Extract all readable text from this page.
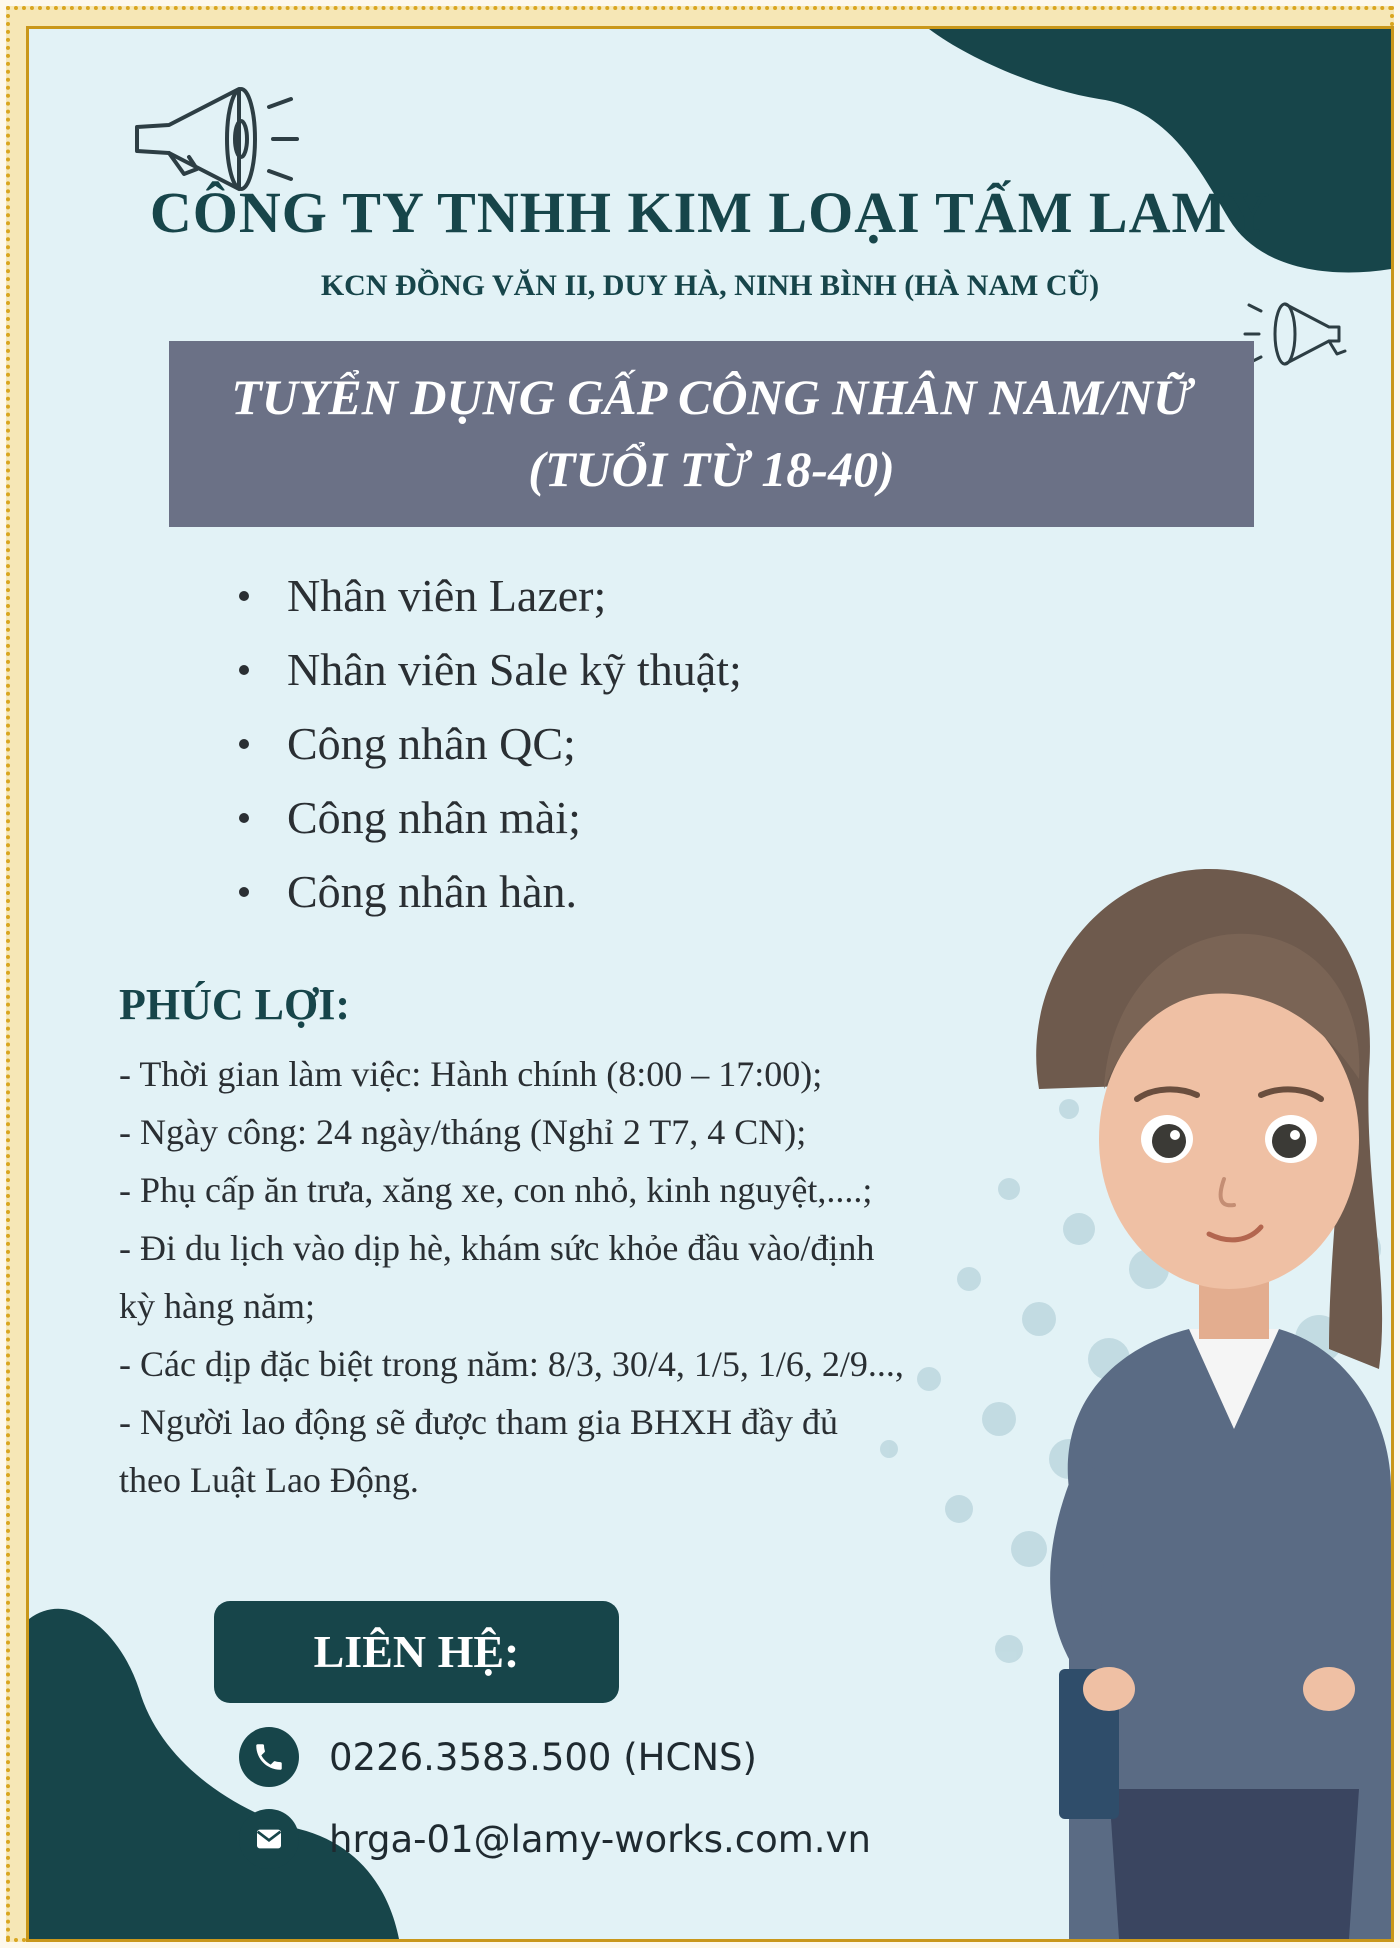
CÔNG TY TNHH KIM LOẠI TẤM LAMY
KCN ĐỒNG VĂN II, DUY HÀ, NINH BÌNH (HÀ NAM CŨ)
TUYỂN DỤNG GẤP CÔNG NHÂN NAM/NỮ
(TUỔI TỪ 18-40)
Nhân viên Lazer;
Nhân viên Sale kỹ thuật;
Công nhân QC;
Công nhân mài;
Công nhân hàn.
PHÚC LỢI:
- Thời gian làm việc: Hành chính (8:00 – 17:00);
- Ngày công: 24 ngày/tháng (Nghỉ 2 T7, 4 CN);
- Phụ cấp ăn trưa, xăng xe, con nhỏ, kinh nguyệt,....;
- Đi du lịch vào dịp hè, khám sức khỏe đầu vào/định
kỳ hàng năm;
- Các dịp đặc biệt trong năm: 8/3, 30/4, 1/5, 1/6, 2/9...,
- Người lao động sẽ được tham gia BHXH đầy đủ
theo Luật Lao Động.
LIÊN HỆ:
0226.3583.500 (HCNS)
hrga-01@lamy-works.com.vn
